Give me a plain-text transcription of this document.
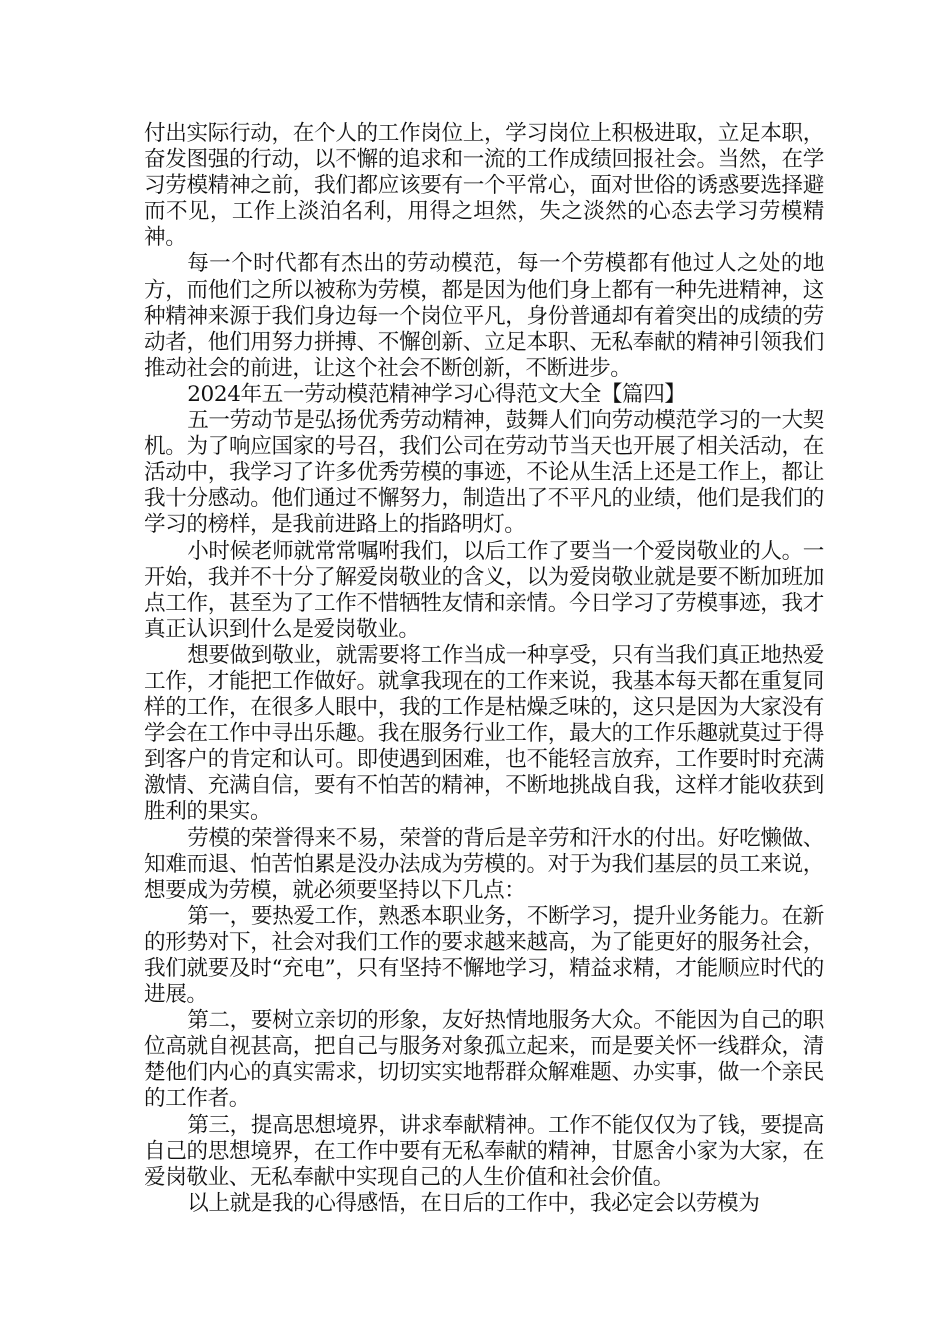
付出实际行动，在个人的工作岗位上，学习岗位上积极进取，立足本职，奋发图强的行动，以不懈的追求和一流的工作成绩回报社会。当然，在学习劳模精神之前，我们都应该要有一个平常心，面对世俗的诱惑要选择避而不见，工作上淡泊名利，用得之坦然，失之淡然的心态去学习劳模精神。

每一个时代都有杰出的劳动模范，每一个劳模都有他过人之处的地方，而他们之所以被称为劳模，都是因为他们身上都有一种先进精神，这种精神来源于我们身边每一个岗位平凡，身份普通却有着突出的成绩的劳动者，他们用努力拼搏、不懈创新、立足本职、无私奉献的精神引领我们推动社会的前进，让这个社会不断创新，不断进步。

2024年五一劳动模范精神学习心得范文大全【篇四】

五一劳动节是弘扬优秀劳动精神，鼓舞人们向劳动模范学习的一大契机。为了响应国家的号召，我们公司在劳动节当天也开展了相关活动，在活动中，我学习了许多优秀劳模的事迹，不论从生活上还是工作上，都让我十分感动。他们通过不懈努力，制造出了不平凡的业绩，他们是我们的学习的榜样，是我前进路上的指路明灯。

小时候老师就常常嘱咐我们，以后工作了要当一个爱岗敬业的人。一开始，我并不十分了解爱岗敬业的含义，以为爱岗敬业就是要不断加班加点工作，甚至为了工作不惜牺牲友情和亲情。今日学习了劳模事迹，我才真正认识到什么是爱岗敬业。

想要做到敬业，就需要将工作当成一种享受，只有当我们真正地热爱工作，才能把工作做好。就拿我现在的工作来说，我基本每天都在重复同样的工作，在很多人眼中，我的工作是枯燥乏味的，这只是因为大家没有学会在工作中寻出乐趣。我在服务行业工作，最大的工作乐趣就莫过于得到客户的肯定和认可。即使遇到困难，也不能轻言放弃，工作要时时充满激情、充满自信，要有不怕苦的精神，不断地挑战自我，这样才能收获到胜利的果实。

劳模的荣誉得来不易，荣誉的背后是辛劳和汗水的付出。好吃懒做、知难而退、怕苦怕累是没办法成为劳模的。对于为我们基层的员工来说，想要成为劳模，就必须要坚持以下几点：

第一，要热爱工作，熟悉本职业务，不断学习，提升业务能力。在新的形势对下，社会对我们工作的要求越来越高，为了能更好的服务社会，我们就要及时“充电”，只有坚持不懈地学习，精益求精，才能顺应时代的进展。

第二，要树立亲切的形象，友好热情地服务大众。不能因为自己的职位高就自视甚高，把自己与服务对象孤立起来，而是要关怀一线群众，清楚他们内心的真实需求，切切实实地帮群众解难题、办实事，做一个亲民的工作者。

第三，提高思想境界，讲求奉献精神。工作不能仅仅为了钱，要提高自己的思想境界，在工作中要有无私奉献的精神，甘愿舍小家为大家，在爱岗敬业、无私奉献中实现自己的人生价值和社会价值。

以上就是我的心得感悟，在日后的工作中，我必定会以劳模为
